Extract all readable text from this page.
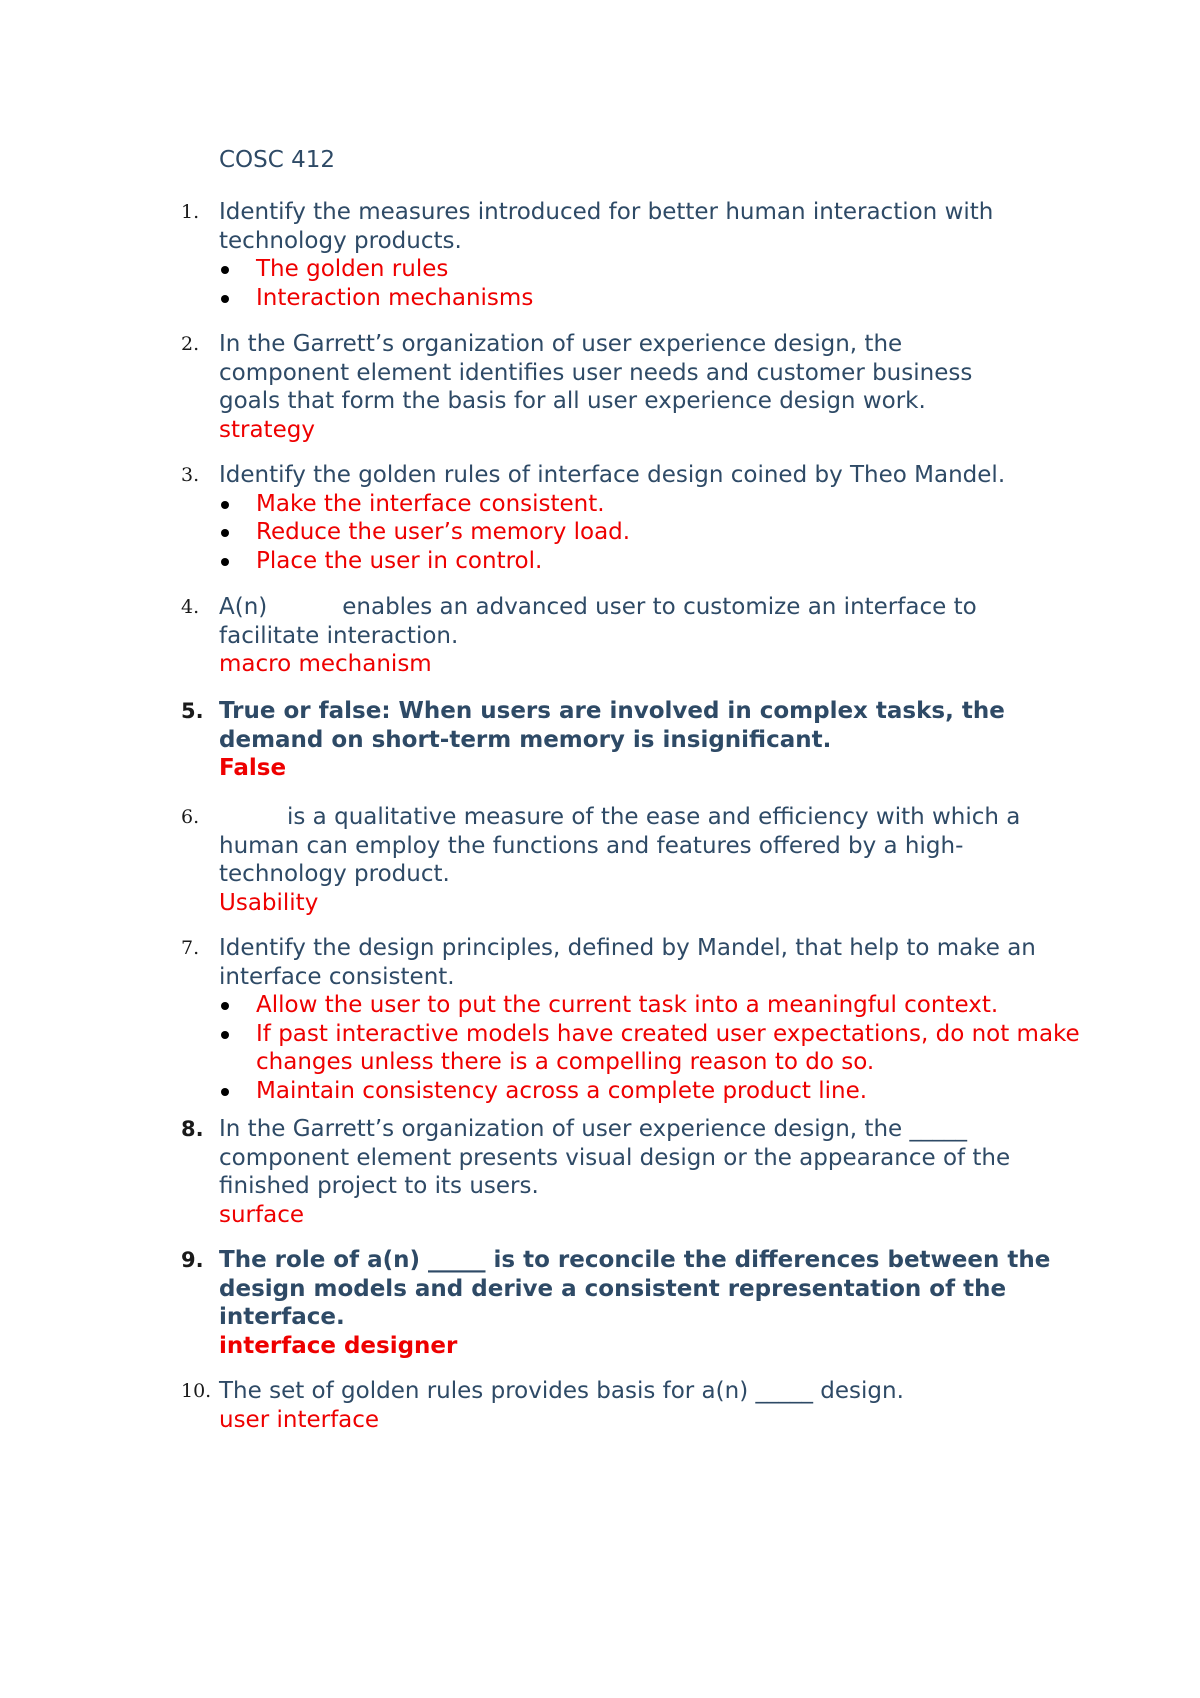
COSC 412
1. Identify the measures introduced for better human interaction with technology products.
The golden rules
Interaction mechanisms
2. In the Garrett’s organization of user experience design, the component element identifies user needs and customer business goals that form the basis for all user experience design work.
strategy
3. Identify the golden rules of interface design coined by Theo Mandel.
Make the interface consistent.
Reduce the user’s memory load.
Place the user in control.
4. A(n)	enables an advanced user to customize an interface to facilitate interaction.
macro mechanism
5. True or false: When users are involved in complex tasks, the demand on short-term memory is insignificant.
False
6.	is a qualitative measure of the ease and efficiency with which a human can employ the functions and features offered by a high-technology product.
Usability
7. Identify the design principles, defined by Mandel, that help to make an interface consistent.
Allow the user to put the current task into a meaningful context.
If past interactive models have created user expectations, do not make changes unless there is a compelling reason to do so.
Maintain consistency across a complete product line.
8. In the Garrett’s organization of user experience design, the _____ component element presents visual design or the appearance of the finished project to its users.
surface
9. The role of a(n) _____ is to reconcile the differences between the design models and derive a consistent representation of the interface.
interface designer
10. The set of golden rules provides basis for a(n) _____ design.
user interface
